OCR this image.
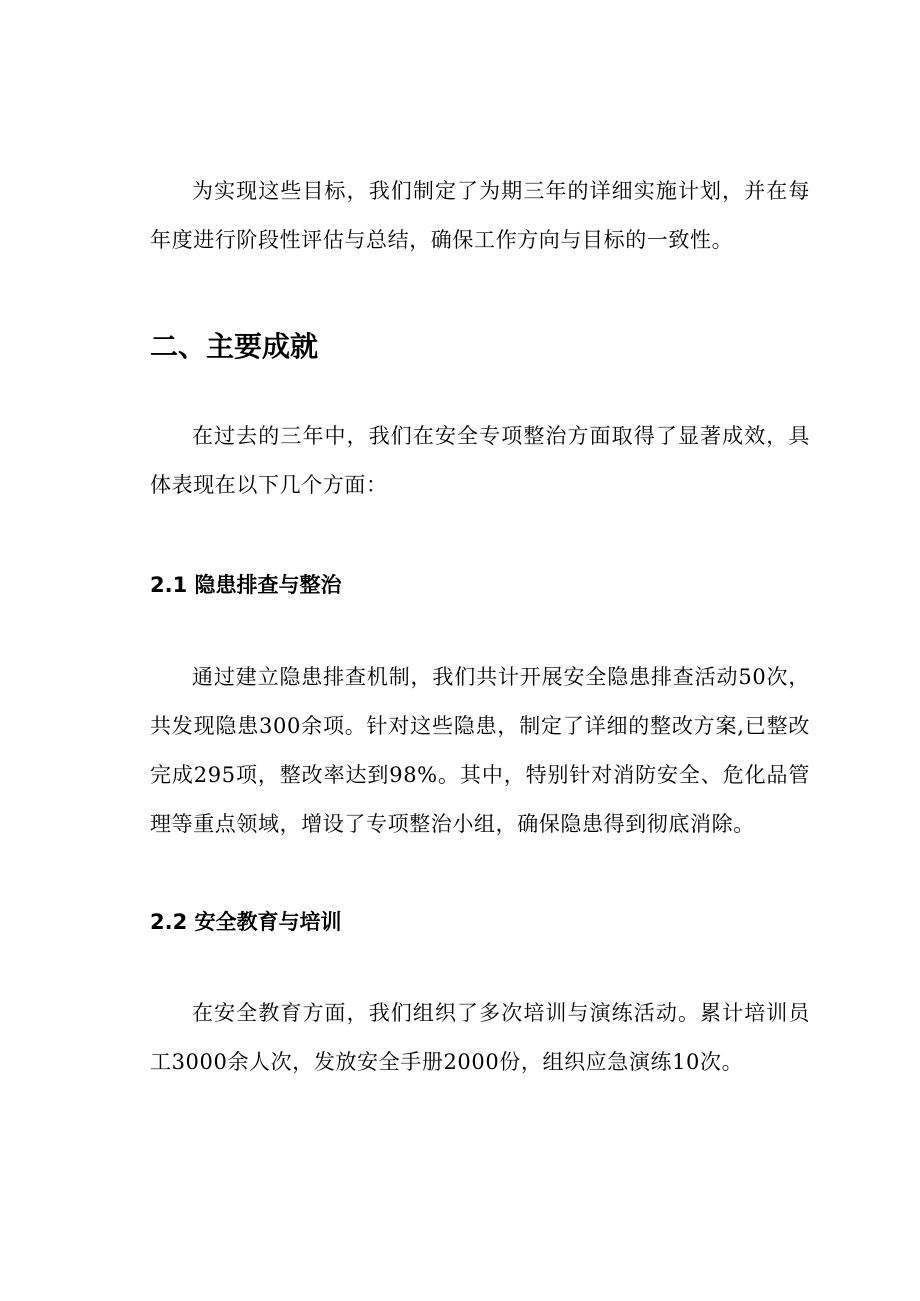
为实现这些目标，我们制定了为期三年的详细实施计划，并在每年度进行阶段性评估与总结，确保工作方向与目标的一致性。

二、主要成就

在过去的三年中，我们在安全专项整治方面取得了显著成效，具体表现在以下几个方面：

2.1 隐患排查与整治

通过建立隐患排查机制，我们共计开展安全隐患排查活动50次，共发现隐患300余项。针对这些隐患，制定了详细的整改方案,已整改完成295项，整改率达到98%。其中，特别针对消防安全、危化品管理等重点领域，增设了专项整治小组，确保隐患得到彻底消除。

2.2 安全教育与培训

在安全教育方面，我们组织了多次培训与演练活动。累计培训员工3000余人次，发放安全手册2000份，组织应急演练10次。
